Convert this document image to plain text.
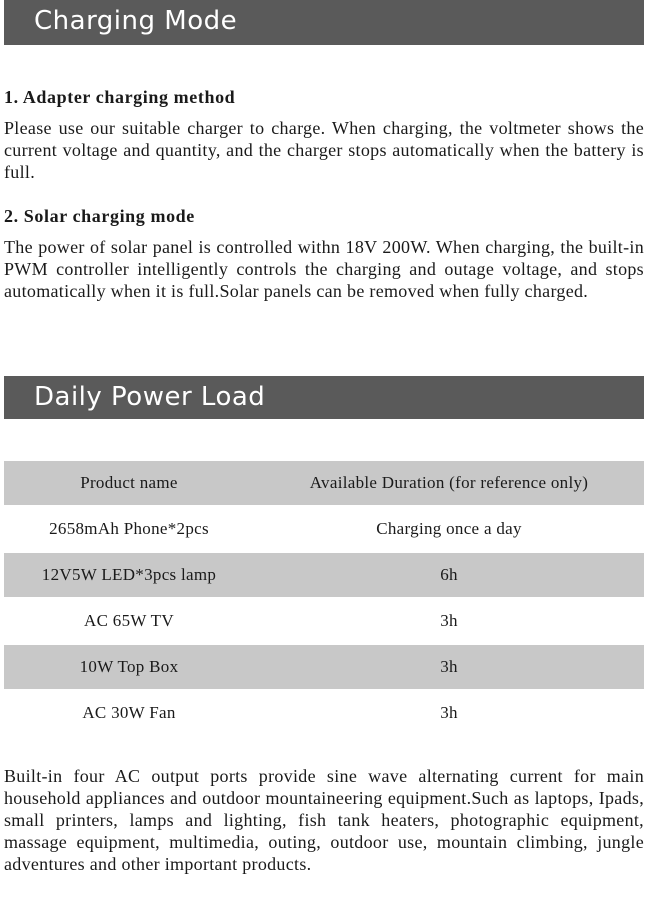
Charging Mode
1. Adapter charging method
Please use our suitable charger to charge. When charging, the voltmeter shows the current voltage and quantity, and the charger stops automatically when the battery is full.
2. Solar charging mode
The power of solar panel is controlled withn 18V 200W. When charging, the built-in PWM controller intelligently controls the charging and outage voltage, and stops automatically when it is full.Solar panels can be removed when fully charged.
Daily Power Load
Product name	Available Duration (for reference only)
2658mAh Phone*2pcs	Charging once a day
12V5W LED*3pcs lamp	6h
AC 65W TV	3h
10W Top Box	3h
AC 30W Fan	3h
Built-in four AC output ports provide sine wave alternating current for main household appliances and outdoor mountaineering equipment.Such as laptops, Ipads, small printers, lamps and lighting, fish tank heaters, photographic equipment, massage equipment, multimedia, outing, outdoor use, mountain climbing, jungle adventures and other important products.
